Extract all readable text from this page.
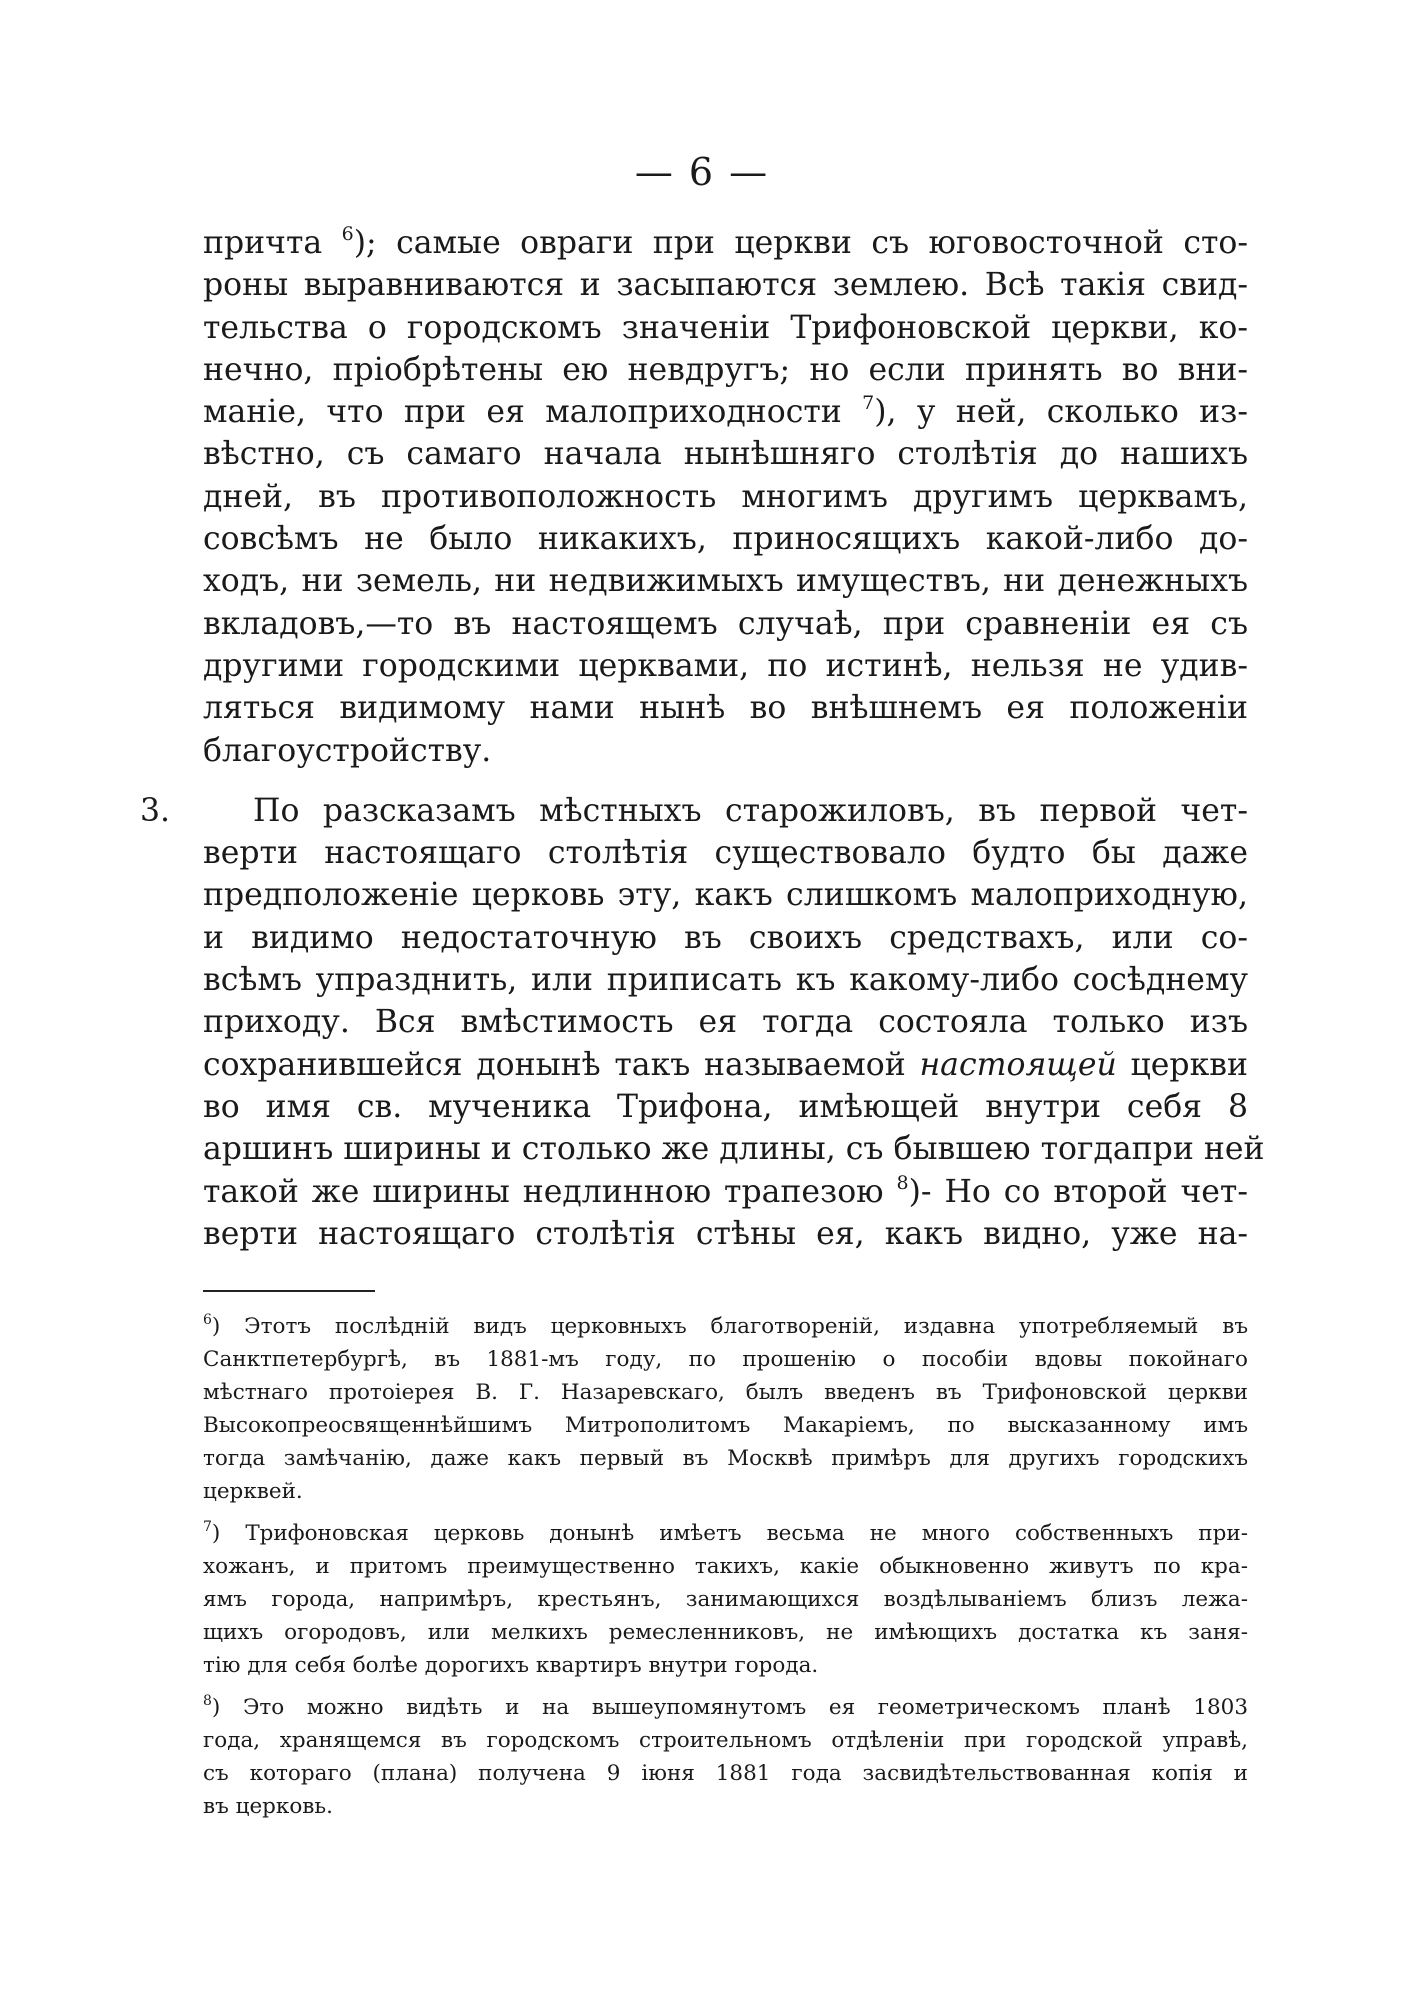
— 6 —
причта $^6$); самые овраги при церкви съ юговосточной сто-
роны выравниваются и засыпаются землею. Всѣ такія свид-
тельства о городскомъ значеніи Трифоновской церкви, ко-
нечно, пріобрѣтены ею невдругъ; но если принять во вни-
маніе, что при ея малоприходности $^7$), у ней, сколько из-
вѣстно, съ самаго начала нынѣшняго столѣтія до нашихъ
дней, въ противоположность многимъ другимъ церквамъ,
совсѣмъ не было никакихъ, приносящихъ какой-либо до-
ходъ, ни земель, ни недвижимыхъ имуществъ, ни денежныхъ
вкладовъ,—то въ настоящемъ случаѣ, при сравненіи ея съ
другими городскими церквами, по истинѣ, нельзя не удив-
ляться видимому нами нынѣ во внѣшнемъ ея положеніи
благоустройству.
3.	По разсказамъ мѣстныхъ старожиловъ, въ первой чет-
верти настоящаго столѣтія существовало будто бы даже
предположеніе церковь эту, какъ слишкомъ малоприходную,
и видимо недостаточную въ своихъ средствахъ, или со-
всѣмъ упразднить, или приписать къ какому-либо сосѣднему
приходу. Вся вмѣстимость ея тогда состояла только изъ
сохранившейся донынѣ такъ называемой настоящей церкви
во имя св. мученика Трифона, имѣющей внутри себя 8
аршинъ ширины и столько же длины, съ бывшею тогдапри ней
такой же ширины недлинною трапезою $^8$)- Но со второй чет-
верти настоящаго столѣтія стѣны ея, какъ видно, уже на-
$^6$) Этотъ послѣдній видъ церковныхъ благотвореній, издавна употребляемый въ
Санктпетербургѣ, въ 1881-мъ году, по прошенію о пособіи вдовы покойнаго
мѣстнаго протоіерея В. Г. Назаревскаго, былъ введенъ въ Трифоновской церкви
Высокопреосвященнѣйшимъ Митрополитомъ Макаріемъ, по высказанному имъ
тогда замѣчанію, даже какъ первый въ Москвѣ примѣръ для другихъ городскихъ
церквей.
$^7$) Трифоновская церковь донынѣ имѣетъ весьма не много собственныхъ при-
хожанъ, и притомъ преимущественно такихъ, какіе обыкновенно живутъ по кра-
ямъ города, напримѣръ, крестьянъ, занимающихся воздѣлываніемъ близъ лежа-
щихъ огородовъ, или мелкихъ ремесленниковъ, не имѣющихъ достатка къ заня-
тію для себя болѣе дорогихъ квартиръ внутри города.
$^8$) Это можно видѣть и на вышеупомянутомъ ея геометрическомъ планѣ 1803
года, хранящемся въ городскомъ строительномъ отдѣленіи при городской управѣ,
съ котораго (плана) получена 9 іюня 1881 года засвидѣтельствованная копія и
въ церковь.
